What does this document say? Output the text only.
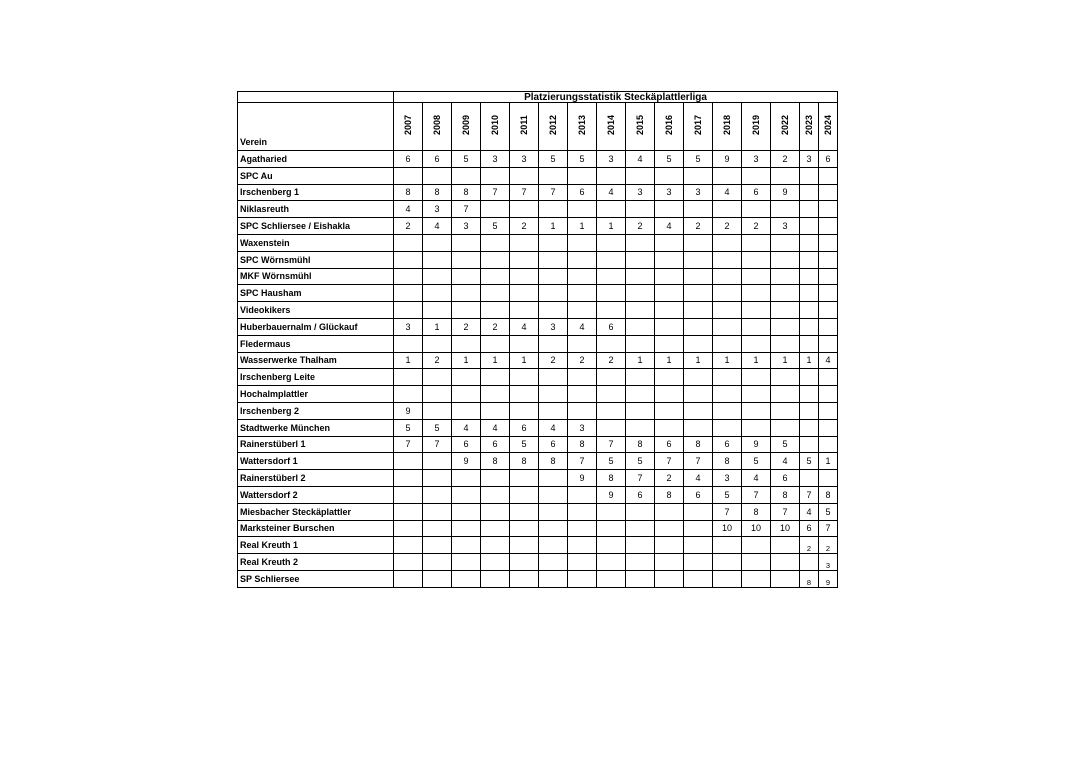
	Platzierungsstatistik Steckäplattlerliga															
Verein	2007	2008	2009	2010	2011	2012	2013	2014	2015	2016	2017	2018	2019	2022	2023	2024

Agatharied	6	6	5	3	3	5	5	3	4	5	5	9	3	2	3	6
SPC Au																
Irschenberg 1	8	8	8	7	7	7	6	4	3	3	3	4	6	9		
Niklasreuth	4	3	7													
SPC Schliersee / Eishakla	2	4	3	5	2	1	1	1	2	4	2	2	2	3		
Waxenstein																
SPC Wörnsmühl																
MKF Wörnsmühl																
SPC Hausham																
Videokikers																
Huberbauernalm / Glückauf	3	1	2	2	4	3	4	6								
Fledermaus																
Wasserwerke Thalham	1	2	1	1	1	2	2	2	1	1	1	1	1	1	1	4
Irschenberg Leite																
Hochalmplattler																
Irschenberg 2	9															
Stadtwerke München	5	5	4	4	6	4	3									
Rainerstüberl 1	7	7	6	6	5	6	8	7	8	6	8	6	9	5		
Wattersdorf 1			9	8	8	8	7	5	5	7	7	8	5	4	5	1
Rainerstüberl 2							9	8	7	2	4	3	4	6		
Wattersdorf 2								9	6	8	6	5	7	8	7	8
Miesbacher Steckäplattler												7	8	7	4	5
Marksteiner Burschen												10	10	10	6	7
Real Kreuth 1															2	2
Real Kreuth 2																3
SP Schliersee															8	9
